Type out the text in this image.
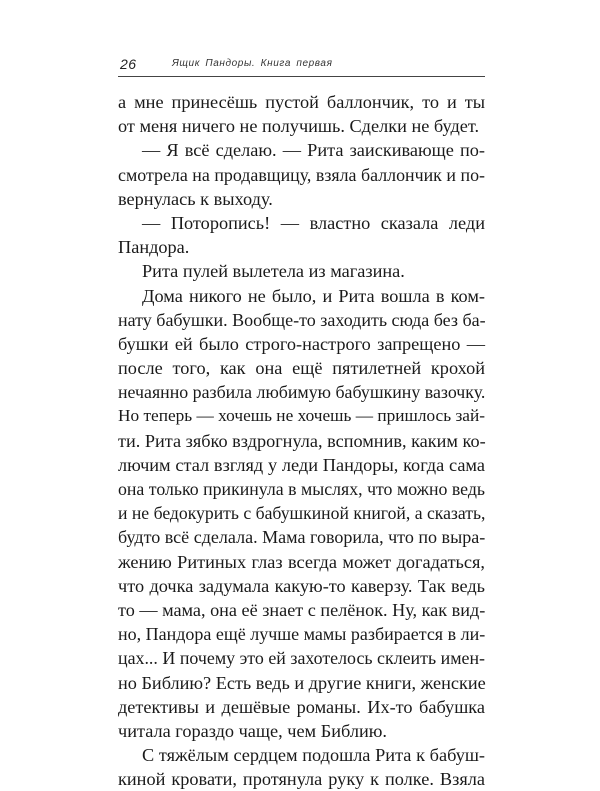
26	Ящик Пандоры. Книга первая
а мне принесёшь пустой баллончик, то и ты
от меня ничего не получишь. Сделки не будет.
— Я всё сделаю. — Рита заискивающе по-
смотрела на продавщицу, взяла баллончик и по-
вернулась к выходу.
— Поторопись! — властно сказала леди
Пандора.
Рита пулей вылетела из магазина.
Дома никого не было, и Рита вошла в ком-
нату бабушки. Вообще-то заходить сюда без ба-
бушки ей было строго-настрого запрещено —
после того, как она ещё пятилетней крохой
нечаянно разбила любимую бабушкину вазочку.
Но теперь — хочешь не хочешь — пришлось зай-
ти. Рита зябко вздрогнула, вспомнив, каким ко-
лючим стал взгляд у леди Пандоры, когда сама
она только прикинула в мыслях, что можно ведь
и не бедокурить с бабушкиной книгой, а сказать,
будто всё сделала. Мама говорила, что по выра-
жению Ритиных глаз всегда может догадаться,
что дочка задумала какую-то каверзу. Так ведь
то — мама, она её знает с пелёнок. Ну, как вид-
но, Пандора ещё лучше мамы разбирается в ли-
цах... И почему это ей захотелось склеить имен-
но Библию? Есть ведь и другие книги, женские
детективы и дешёвые романы. Их-то бабушка
читала гораздо чаще, чем Библию.
С тяжёлым сердцем подошла Рита к бабуш-
киной кровати, протянула руку к полке. Взяла
